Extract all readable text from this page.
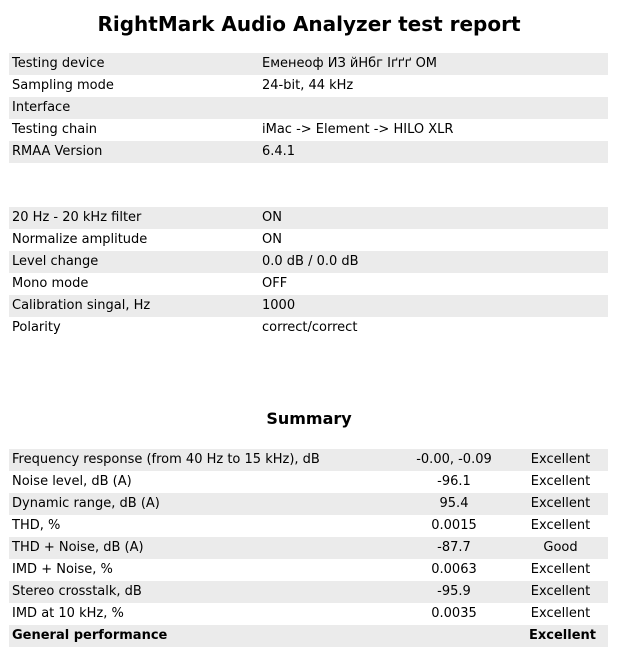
RightMark Audio Analyzer test report
Testing device	Еменеоф ИЗ йНбг Iґґґ ОМ
Sampling mode	24-bit, 44 kHz
Interface	
Testing chain	iMac -> Element -> HILO XLR
RMAA Version	6.4.1
20 Hz - 20 kHz filter	ON
Normalize amplitude	ON
Level change	0.0 dB / 0.0 dB
Mono mode	OFF
Calibration singal, Hz	1000
Polarity	correct/correct
Summary
Frequency response (from 40 Hz to 15 kHz), dB	-0.00, -0.09	Excellent
Noise level, dB (A)	-96.1	Excellent
Dynamic range, dB (A)	95.4	Excellent
THD, %	0.0015	Excellent
THD + Noise, dB (A)	-87.7	Good
IMD + Noise, %	0.0063	Excellent
Stereo crosstalk, dB	-95.9	Excellent
IMD at 10 kHz, %	0.0035	Excellent
General performance		Excellent
